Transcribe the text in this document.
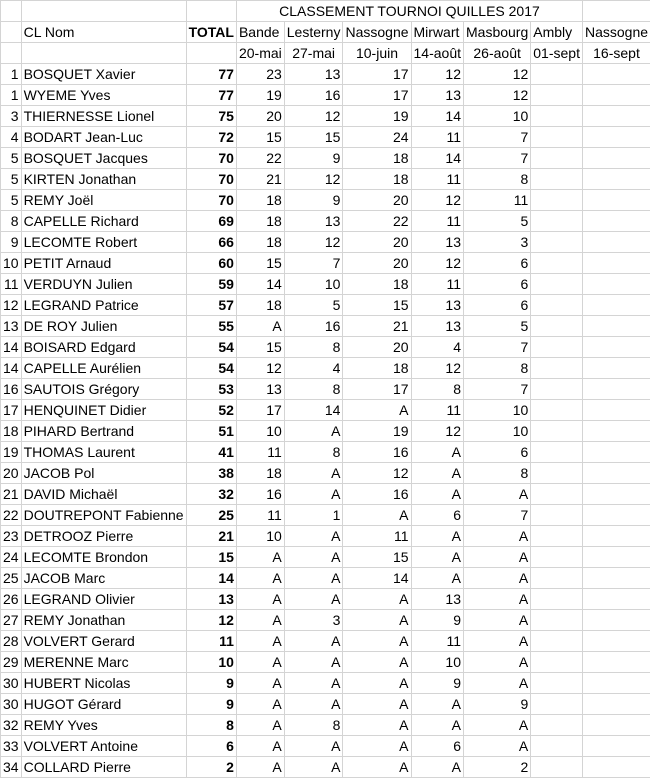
			CLASSEMENT TOURNOI QUILLES 2017						
	CL Nom	TOTAL	Bande	Lesterny	Nassogne	Mirwart	Masbourg	Ambly	Nassogne
			20-mai	27-mai	10-juin	14-août	26-août	01-sept	16-sept
1	BOSQUET Xavier	77	23	13	17	12	12		
1	WYEME Yves	77	19	16	17	13	12		
3	THIERNESSE Lionel	75	20	12	19	14	10		
4	BODART Jean-Luc	72	15	15	24	11	7		
5	BOSQUET Jacques	70	22	9	18	14	7		
5	KIRTEN Jonathan	70	21	12	18	11	8		
5	REMY Joël	70	18	9	20	12	11		
8	CAPELLE Richard	69	18	13	22	11	5		
9	LECOMTE Robert	66	18	12	20	13	3		
10	PETIT Arnaud	60	15	7	20	12	6		
11	VERDUYN Julien	59	14	10	18	11	6		
12	LEGRAND Patrice	57	18	5	15	13	6		
13	DE ROY Julien	55	A	16	21	13	5		
14	BOISARD Edgard	54	15	8	20	4	7		
14	CAPELLE Aurélien	54	12	4	18	12	8		
16	SAUTOIS Grégory	53	13	8	17	8	7		
17	HENQUINET Didier	52	17	14	A	11	10		
18	PIHARD Bertrand	51	10	A	19	12	10		
19	THOMAS Laurent	41	11	8	16	A	6		
20	JACOB Pol	38	18	A	12	A	8		
21	DAVID Michaël	32	16	A	16	A	A		
22	DOUTREPONT Fabienne	25	11	1	A	6	7		
23	DETROOZ Pierre	21	10	A	11	A	A		
24	LECOMTE Brondon	15	A	A	15	A	A		
25	JACOB Marc	14	A	A	14	A	A		
26	LEGRAND Olivier	13	A	A	A	13	A		
27	REMY Jonathan	12	A	3	A	9	A		
28	VOLVERT Gerard	11	A	A	A	11	A		
29	MERENNE Marc	10	A	A	A	10	A		
30	HUBERT Nicolas	9	A	A	A	9	A		
30	HUGOT Gérard	9	A	A	A	A	9		
32	REMY Yves	8	A	8	A	A	A		
33	VOLVERT Antoine	6	A	A	A	6	A		
34	COLLARD Pierre	2	A	A	A	A	2		
